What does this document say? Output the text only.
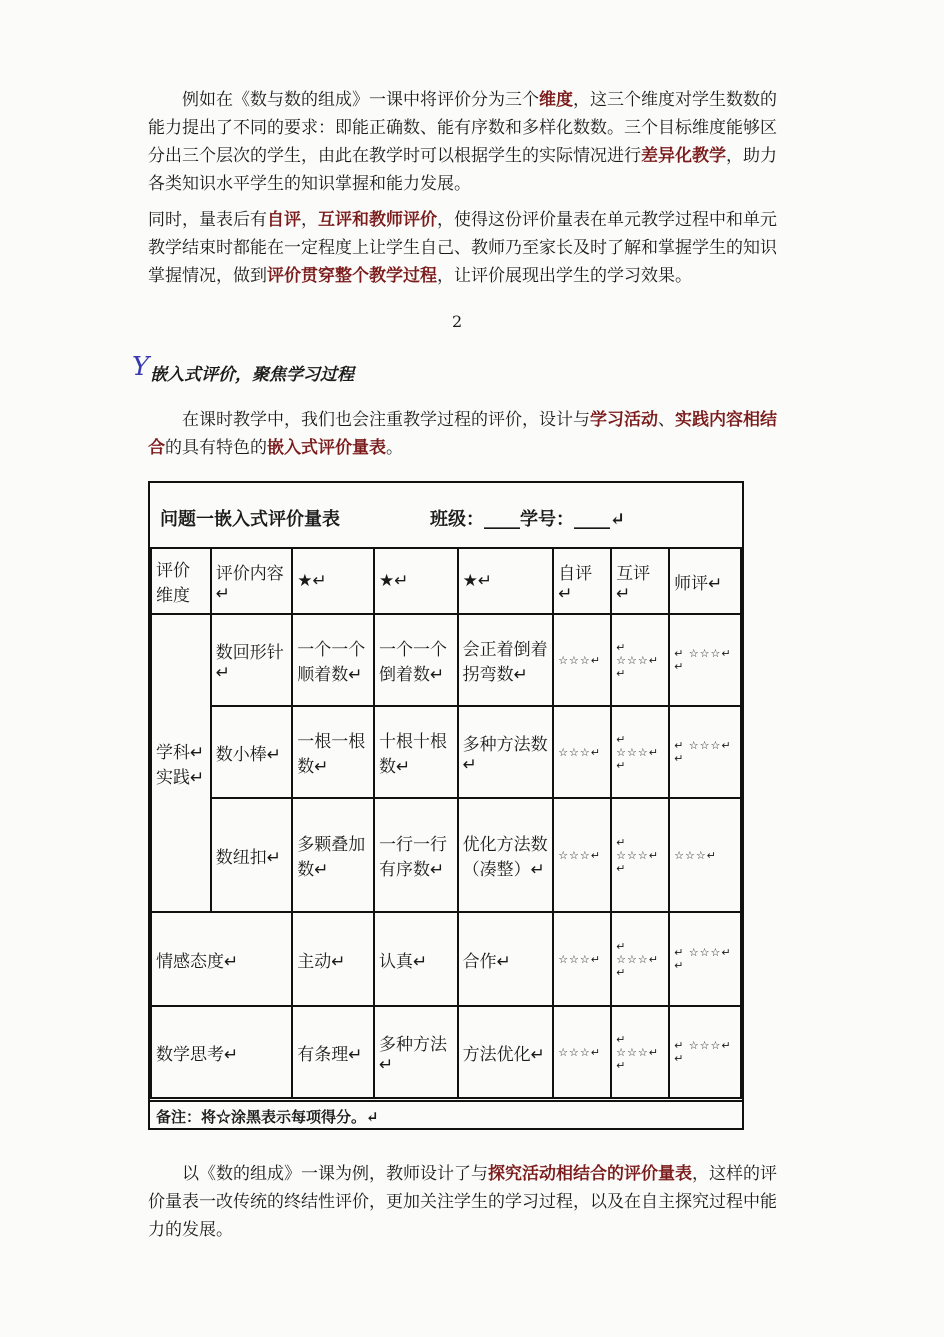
例如在《数与数的组成》一课中将评价分为三个维度，这三个维度对学生数数的能力提出了不同的要求：即能正确数、能有序数和多样化数数。三个目标维度能够区分出三个层次的学生，由此在教学时可以根据学生的实际情况进行差异化教学，助力各类知识水平学生的知识掌握和能力发展。
同时，量表后有自评，互评和教师评价，使得这份评价量表在单元教学过程中和单元教学结束时都能在一定程度上让学生自己、教师乃至家长及时了解和掌握学生的知识掌握情况，做到评价贯穿整个教学过程，让评价展现出学生的学习效果。
2
Y 嵌入式评价，聚焦学习过程
在课时教学中，我们也会注重教学过程的评价，设计与学习活动、实践内容相结合的具有特色的嵌入式评价量表。
问题一嵌入式评价量表	班级：____学号：____↵
评价维度	评价内容↵	★↵	★↵	★↵	自评↵	互评↵	师评↵
学科↵ 实践↵	数回形针↵	一个一个顺着数↵	一个一个倒着数↵	会正着倒着拐弯数↵	☆☆☆↵	↵ ☆☆☆↵ ↵	↵ ☆☆☆↵ ↵
	数小棒↵	一根一根数↵	十根十根数↵	多种方法数↵	☆☆☆↵	↵ ☆☆☆↵ ↵	↵ ☆☆☆↵ ↵
	数纽扣↵	多颗叠加数↵	一行一行有序数↵	优化方法数（凑整）↵	☆☆☆↵	↵ ☆☆☆↵ ↵	☆☆☆↵
情感态度↵		主动↵	认真↵	合作↵	☆☆☆↵	↵ ☆☆☆↵ ↵	↵ ☆☆☆↵ ↵
数学思考↵		有条理↵	多种方法↵	方法优化↵	☆☆☆↵	↵ ☆☆☆↵ ↵	↵ ☆☆☆↵ ↵
备注：将☆涂黑表示每项得分。↵
以《数的组成》一课为例，教师设计了与探究活动相结合的评价量表，这样的评价量表一改传统的终结性评价，更加关注学生的学习过程，以及在自主探究过程中能力的发展。
